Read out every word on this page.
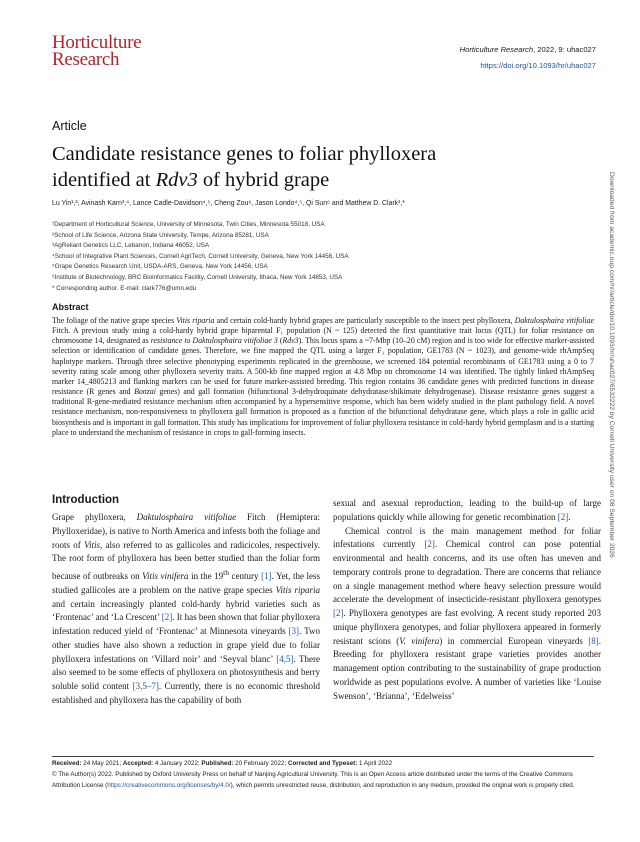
Horticulture
Research	Horticulture Research, 2022, 9: uhac027
https://doi.org/10.1093/hr/uhac027
Article
Candidate resistance genes to foliar phylloxera
identified at Rdv3 of hybrid grape
Lu Yin¹,², Avinash Karn³,⁴, Lance Cadle-Davidson⁴,⁵, Cheng Zou⁶, Jason Londo⁴,⁵, Qi Sun⁶ and Matthew D. Clark¹,*
¹Department of Horticultural Science, University of Minnesota, Twin Cities, Minnesota 55018, USA
²School of Life Science, Arizona State University, Tempe, Arizona 85281, USA
³AgReliant Genetics LLC, Lebanon, Indiana 46052, USA
⁴School of Integrative Plant Sciences, Cornell AgriTech, Cornell University, Geneva, New York 14456, USA
⁵Grape Genetics Research Unit, USDA-ARS, Geneva, New York 14456, USA
⁶Institute of Biotechnology, BRC Bioinformatics Facility, Cornell University, Ithaca, New York 14853, USA
* Corresponding author. E-mail: clark776@umn.edu
Abstract
The foliage of the native grape species Vitis riparia and certain cold-hardy hybrid grapes are particularly susceptible to the insect pest phylloxera, Daktulosphaira vitifoliae Fitch. A previous study using a cold-hardy hybrid grape biparental F₁ population (N ~ 125) detected the first quantitative trait locus (QTL) for foliar resistance on chromosome 14, designated as resistance to Daktulosphaira vitifoliae 3 (Rdv3). This locus spans a ~7-Mbp (10–20 cM) region and is too wide for effective marker-assisted selection or identification of candidate genes. Therefore, we fine mapped the QTL using a larger F₁ population, GE1783 (N ~ 1023), and genome-wide rhAmpSeq haplotype markers. Through three selective phenotyping experiments replicated in the greenhouse, we screened 184 potential recombinants of GE1783 using a 0 to 7 severity rating scale among other phylloxera severity traits. A 500-kb fine mapped region at 4.8 Mbp on chromosome 14 was identified. The tightly linked rhAmpSeq marker 14_4805213 and flanking markers can be used for future marker-assisted breeding. This region contains 36 candidate genes with predicted functions in disease resistance (R genes and Bonzai genes) and gall formation (bifunctional 3-dehydroquinate dehydratase/shikimate dehydrogenase). Disease resistance genes suggest a traditional R-gene-mediated resistance mechanism often accompanied by a hypersensitive response, which has been widely studied in the plant pathology field. A novel resistance mechanism, non-responsiveness to phylloxera gall formation is proposed as a function of the bifunctional dehydratase gene, which plays a role in gallic acid biosynthesis and is important in gall formation. This study has implications for improvement of foliar phylloxera resistance in cold-hardy hybrid germplasm and is a starting place to understand the mechanism of resistance in crops to gall-forming insects.	Downloaded from academic.oup.com/hr/article/doi/10.1093/hr/uhac027/6532222 by Cornell University user on 08 September 2026
Introduction

Grape phylloxera, Daktulosphaira vitifoliae Fitch (Hemiptera: Phylloxeridae), is native to North America and infests both the foliage and roots of Vitis, also referred to as gallicoles and radicicoles, respectively. The root form of phylloxera has been better studied than the foliar form because of outbreaks on Vitis vinifera in the 19th century [1]. Yet, the less studied gallicoles are a problem on the native grape species Vitis riparia and certain increasingly planted cold-hardy hybrid varieties such as ‘Frontenac’ and ‘La Crescent’ [2]. It has been shown that foliar phylloxera infestation reduced yield of ‘Frontenac’ at Minnesota vineyards [3]. Two other studies have also shown a reduction in grape yield due to foliar phylloxera infestations on ‘Villard noir’ and ‘Seyval blanc’ [4,5]. There also seemed to be some effects of phylloxera on photosynthesis and berry soluble solid content [3,5–7]. Currently, there is no economic threshold established and phylloxera has the capability of both

sexual and asexual reproduction, leading to the build-up of large populations quickly while allowing for genetic recombination [2].

Chemical control is the main management method for foliar infestations currently [2]. Chemical control can pose potential environmental and health concerns, and its use often has uneven and temporary controls prone to degradation. There are concerns that reliance on a single management method where heavy selection pressure would accelerate the development of insecticide-resistant phylloxera genotypes [2]. Phylloxera genotypes are fast evolving. A recent study reported 203 unique phylloxera genotypes, and foliar phylloxera appeared in formerly resistant scions (V. vinifera) in commercial European vineyards [8]. Breeding for phylloxera resistant grape varieties provides another management option contributing to the sustainability of grape production worldwide as pest populations evolve. A number of varieties like ‘Louise Swenson’, ‘Brianna’, ‘Edelweiss’

Received: 24 May 2021; Accepted: 4 January 2022; Published: 20 February 2022; Corrected and Typeset: 1 April 2022
© The Author(s) 2022. Published by Oxford University Press on behalf of Nanjing Agricultural University. This is an Open Access article distributed under the terms of the Creative Commons Attribution License (https://creativecommons.org/licenses/by/4.0/), which permits unrestricted reuse, distribution, and reproduction in any medium, provided the original work is properly cited.
